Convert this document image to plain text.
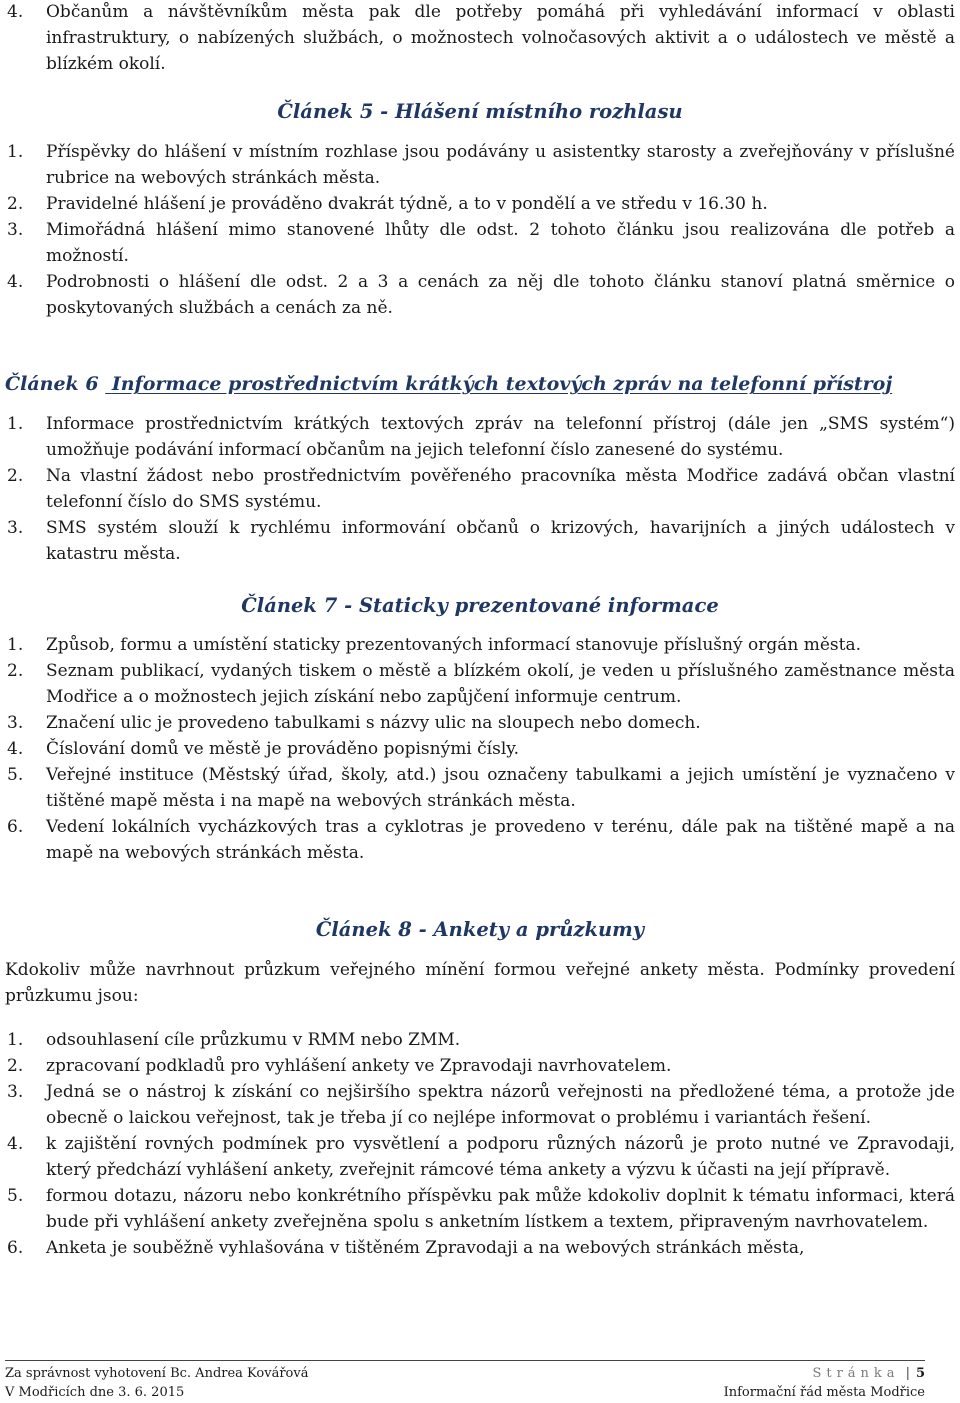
4. Občanům a návštěvníkům města pak dle potřeby pomáhá při vyhledávání informací v oblasti infrastruktury, o nabízených službách, o možnostech volnočasových aktivit a o událostech ve městě a blízkém okolí.
Článek 5 - Hlášení místního rozhlasu
1. Příspěvky do hlášení v místním rozhlase jsou podávány u asistentky starosty a zveřejňovány v příslušné rubrice na webových stránkách města.
2. Pravidelné hlášení je prováděno dvakrát týdně, a to v pondělí a ve středu v 16.30 h.
3. Mimořádná hlášení mimo stanovené lhůty dle odst. 2 tohoto článku jsou realizována dle potřeb a možností.
4. Podrobnosti o hlášení dle odst. 2 a 3 a cenách za něj dle tohoto článku stanoví platná směrnice o poskytovaných službách a cenách za ně.
Článek 6 Informace prostřednictvím krátkých textových zpráv na telefonní přístroj
1. Informace prostřednictvím krátkých textových zpráv na telefonní přístroj (dále jen „SMS systém“) umožňuje podávání informací občanům na jejich telefonní číslo zanesené do systému.
2. Na vlastní žádost nebo prostřednictvím pověřeného pracovníka města Modřice zadává občan vlastní telefonní číslo do SMS systému.
3. SMS systém slouží k rychlému informování občanů o krizových, havarijních a jiných událostech v katastru města.
Článek 7 - Staticky prezentované informace
1. Způsob, formu a umístění staticky prezentovaných informací stanovuje příslušný orgán města.
2. Seznam publikací, vydaných tiskem o městě a blízkém okolí, je veden u příslušného zaměstnance města Modřice a o možnostech jejich získání nebo zapůjčení informuje centrum.
3. Značení ulic je provedeno tabulkami s názvy ulic na sloupech nebo domech.
4. Číslování domů ve městě je prováděno popisnými čísly.
5. Veřejné instituce (Městský úřad, školy, atd.) jsou označeny tabulkami a jejich umístění je vyznačeno v tištěné mapě města i na mapě na webových stránkách města.
6. Vedení lokálních vycházkových tras a cyklotras je provedeno v terénu, dále pak na tištěné mapě a na mapě na webových stránkách města.
Článek 8 - Ankety a průzkumy
Kdokoliv může navrhnout průzkum veřejného mínění formou veřejné ankety města. Podmínky provedení průzkumu jsou:
1. odsouhlasení cíle průzkumu v RMM nebo ZMM.
2. zpracovaní podkladů pro vyhlášení ankety ve Zpravodaji navrhovatelem.
3. Jedná se o nástroj k získání co nejširšího spektra názorů veřejnosti na předložené téma, a protože jde obecně o laickou veřejnost, tak je třeba jí co nejlépe informovat o problému i variantách řešení.
4. k zajištění rovných podmínek pro vysvětlení a podporu různých názorů je proto nutné ve Zpravodaji, který předchází vyhlášení ankety, zveřejnit rámcové téma ankety a výzvu k účasti na její přípravě.
5. formou dotazu, názoru nebo konkrétního příspěvku pak může kdokoliv doplnit k tématu informaci, která bude při vyhlášení ankety zveřejněna spolu s anketním lístkem a textem, připraveným navrhovatelem.
6. Anketa je souběžně vyhlašována v tištěném Zpravodaji a na webových stránkách města,
Za správnost vyhotovení Bc. Andrea Kovářová
V Modřicích dne 3. 6. 2015
Stránka | 5
Informační řád města Modřice
